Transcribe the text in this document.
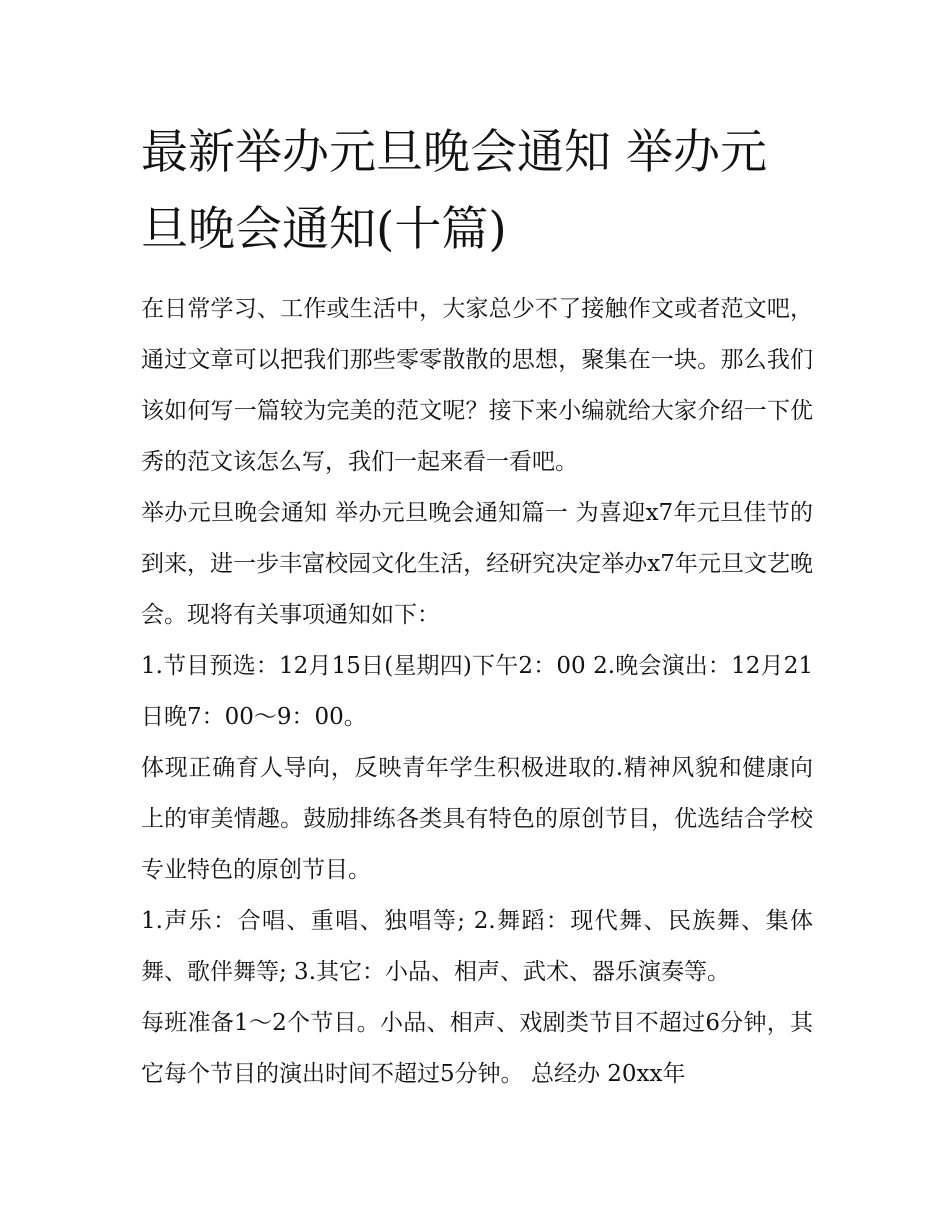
最新举办元旦晚会通知 举办元旦晚会通知(十篇)

在日常学习、工作或生活中，大家总少不了接触作文或者范文吧，通过文章可以把我们那些零零散散的思想，聚集在一块。那么我们该如何写一篇较为完美的范文呢？接下来小编就给大家介绍一下优秀的范文该怎么写，我们一起来看一看吧。

举办元旦晚会通知 举办元旦晚会通知篇一 为喜迎x7年元旦佳节的到来，进一步丰富校园文化生活，经研究决定举办x7年元旦文艺晚会。现将有关事项通知如下：

1.节目预选：12月15日(星期四)下午2：00 2.晚会演出：12月21日晚7：00～9：00。

体现正确育人导向，反映青年学生积极进取的.精神风貌和健康向上的审美情趣。鼓励排练各类具有特色的原创节目，优选结合学校专业特色的原创节目。

1.声乐：合唱、重唱、独唱等; 2.舞蹈：现代舞、民族舞、集体舞、歌伴舞等; 3.其它：小品、相声、武术、器乐演奏等。

每班准备1～2个节目。小品、相声、戏剧类节目不超过6分钟，其它每个节目的演出时间不超过5分钟。 总经办 20xx年
